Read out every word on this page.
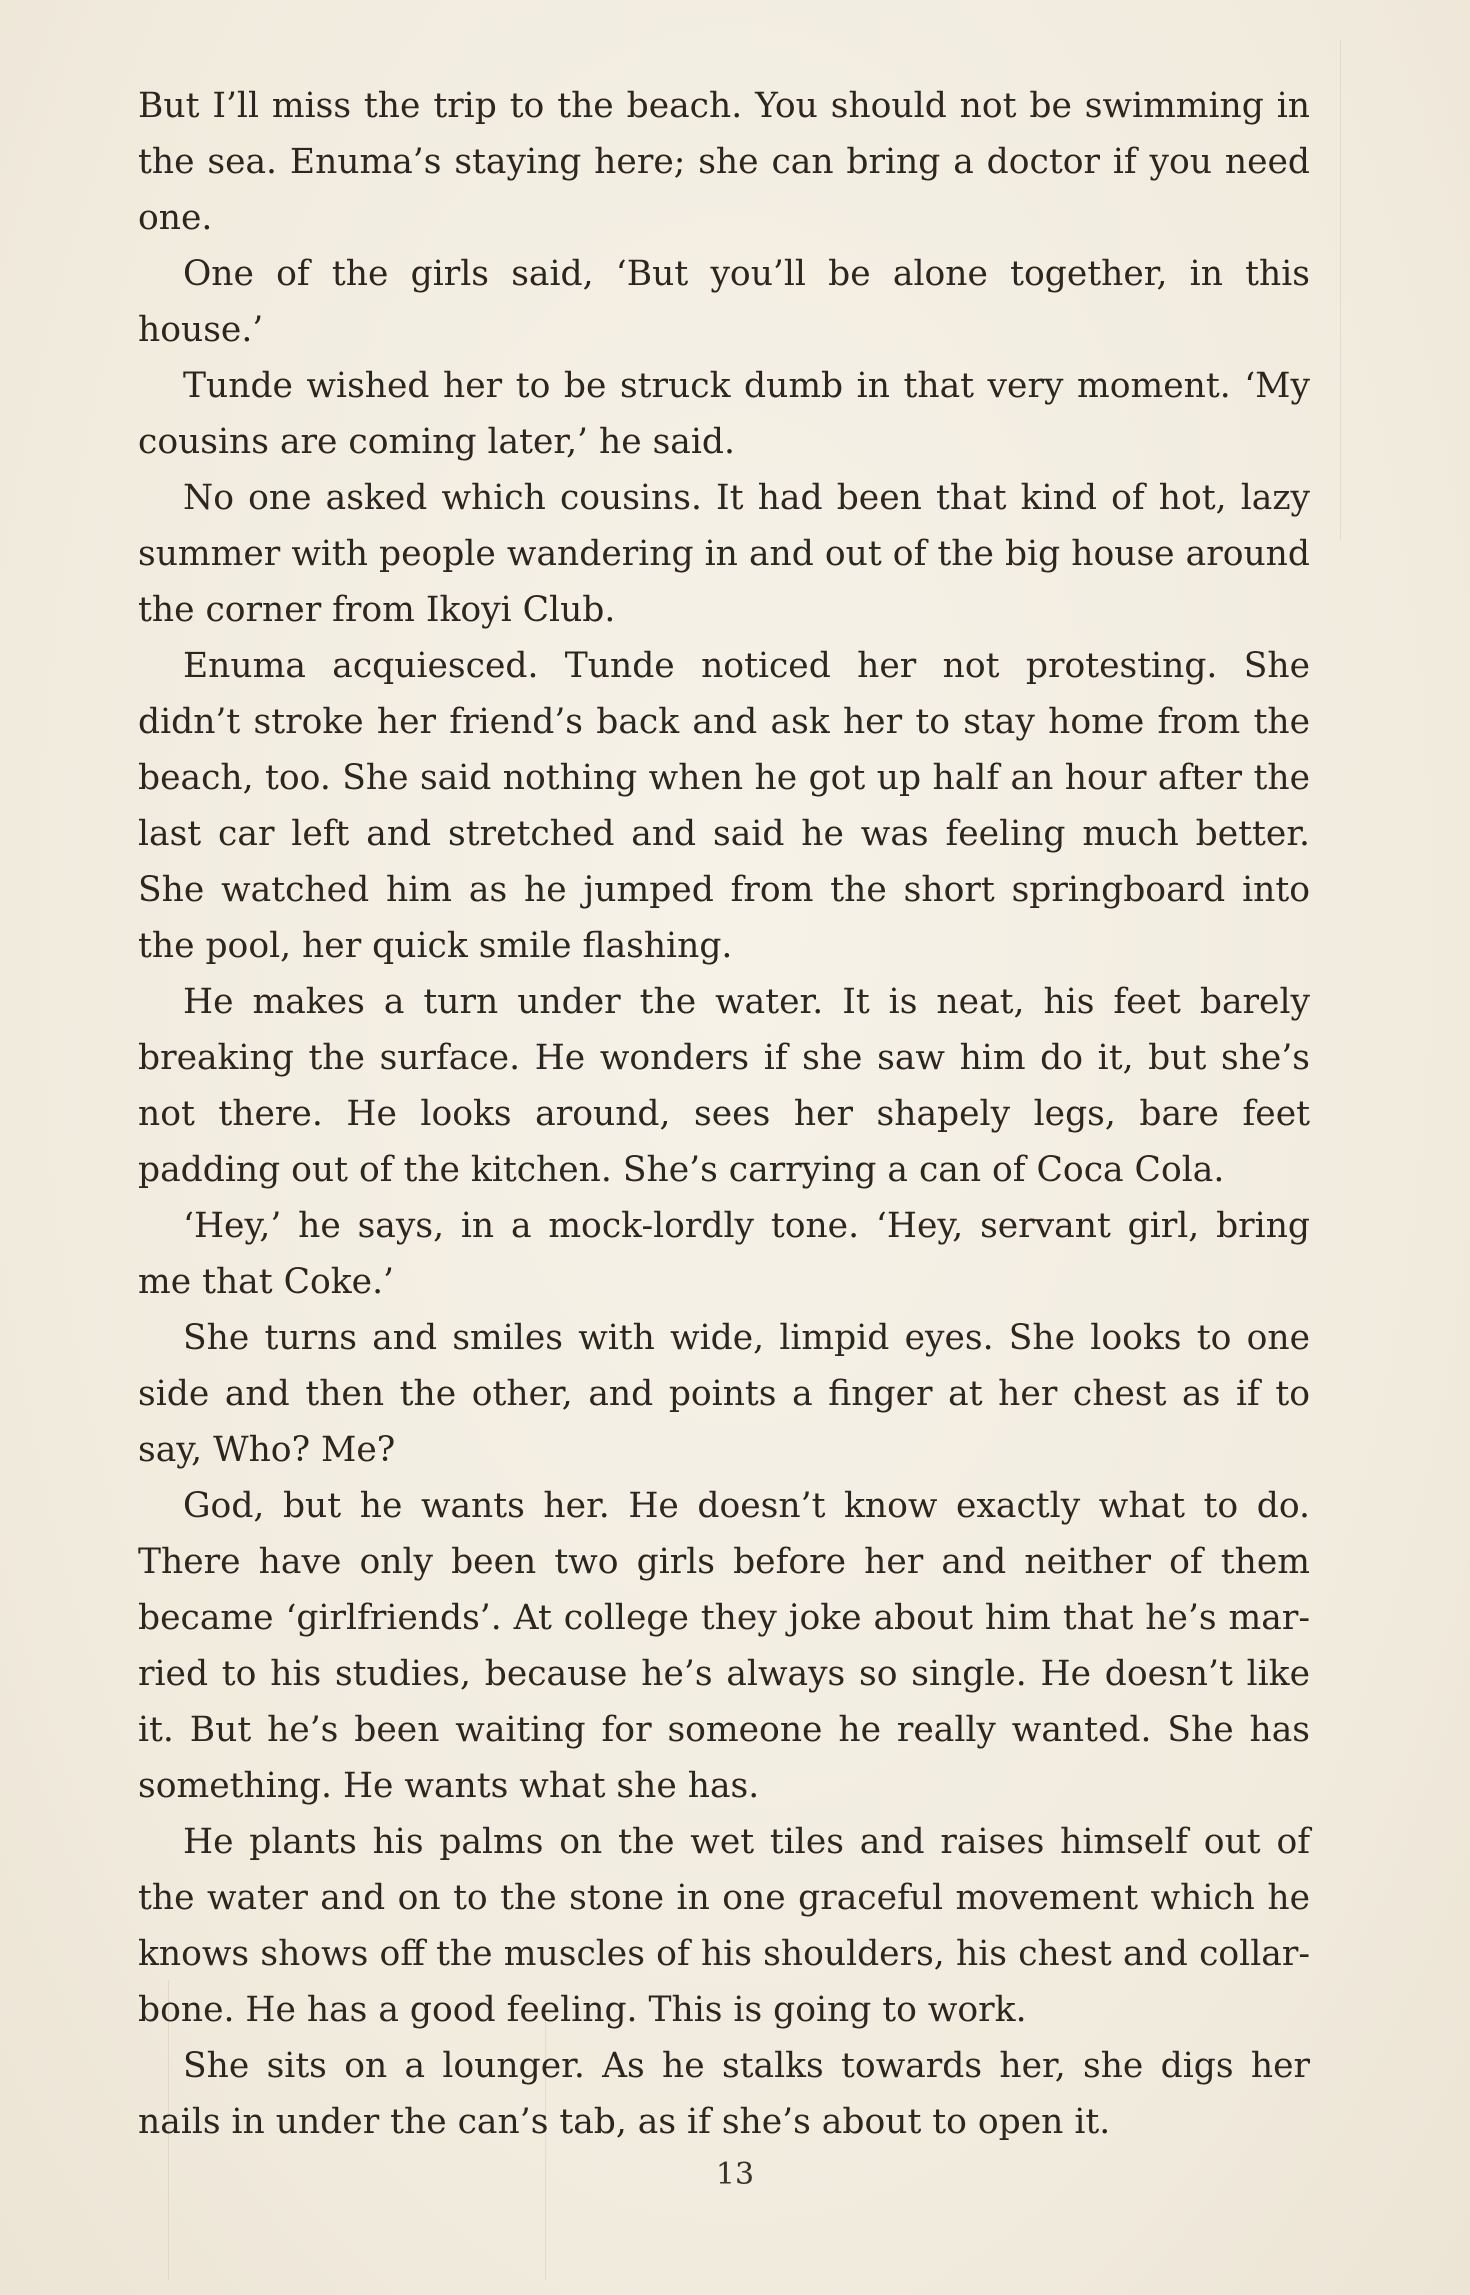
But I’ll miss the trip to the beach. You should not be swimming in the sea. Enuma’s staying here; she can bring a doctor if you need one.

One of the girls said, ‘But you’ll be alone together, in this house.’

Tunde wished her to be struck dumb in that very moment. ‘My cousins are coming later,’ he said.

No one asked which cousins. It had been that kind of hot, lazy summer with people wandering in and out of the big house around the corner from Ikoyi Club.

Enuma acquiesced. Tunde noticed her not protesting. She didn’t stroke her friend’s back and ask her to stay home from the beach, too. She said nothing when he got up half an hour after the last car left and stretched and said he was feeling much better. She watched him as he jumped from the short springboard into the pool, her quick smile flashing.

He makes a turn under the water. It is neat, his feet barely breaking the surface. He wonders if she saw him do it, but she’s not there. He looks around, sees her shapely legs, bare feet padding out of the kitchen. She’s carrying a can of Coca Cola.

‘Hey,’ he says, in a mock-lordly tone. ‘Hey, servant girl, bring me that Coke.’

She turns and smiles with wide, limpid eyes. She looks to one side and then the other, and points a finger at her chest as if to say, Who? Me?

God, but he wants her. He doesn’t know exactly what to do. There have only been two girls before her and neither of them became ‘girlfriends’. At college they joke about him that he’s married to his studies, because he’s always so single. He doesn’t like it. But he’s been waiting for someone he really wanted. She has something. He wants what she has.

He plants his palms on the wet tiles and raises himself out of the water and on to the stone in one graceful movement which he knows shows off the muscles of his shoulders, his chest and collarbone. He has a good feeling. This is going to work.

She sits on a lounger. As he stalks towards her, she digs her nails in under the can’s tab, as if she’s about to open it.

13
